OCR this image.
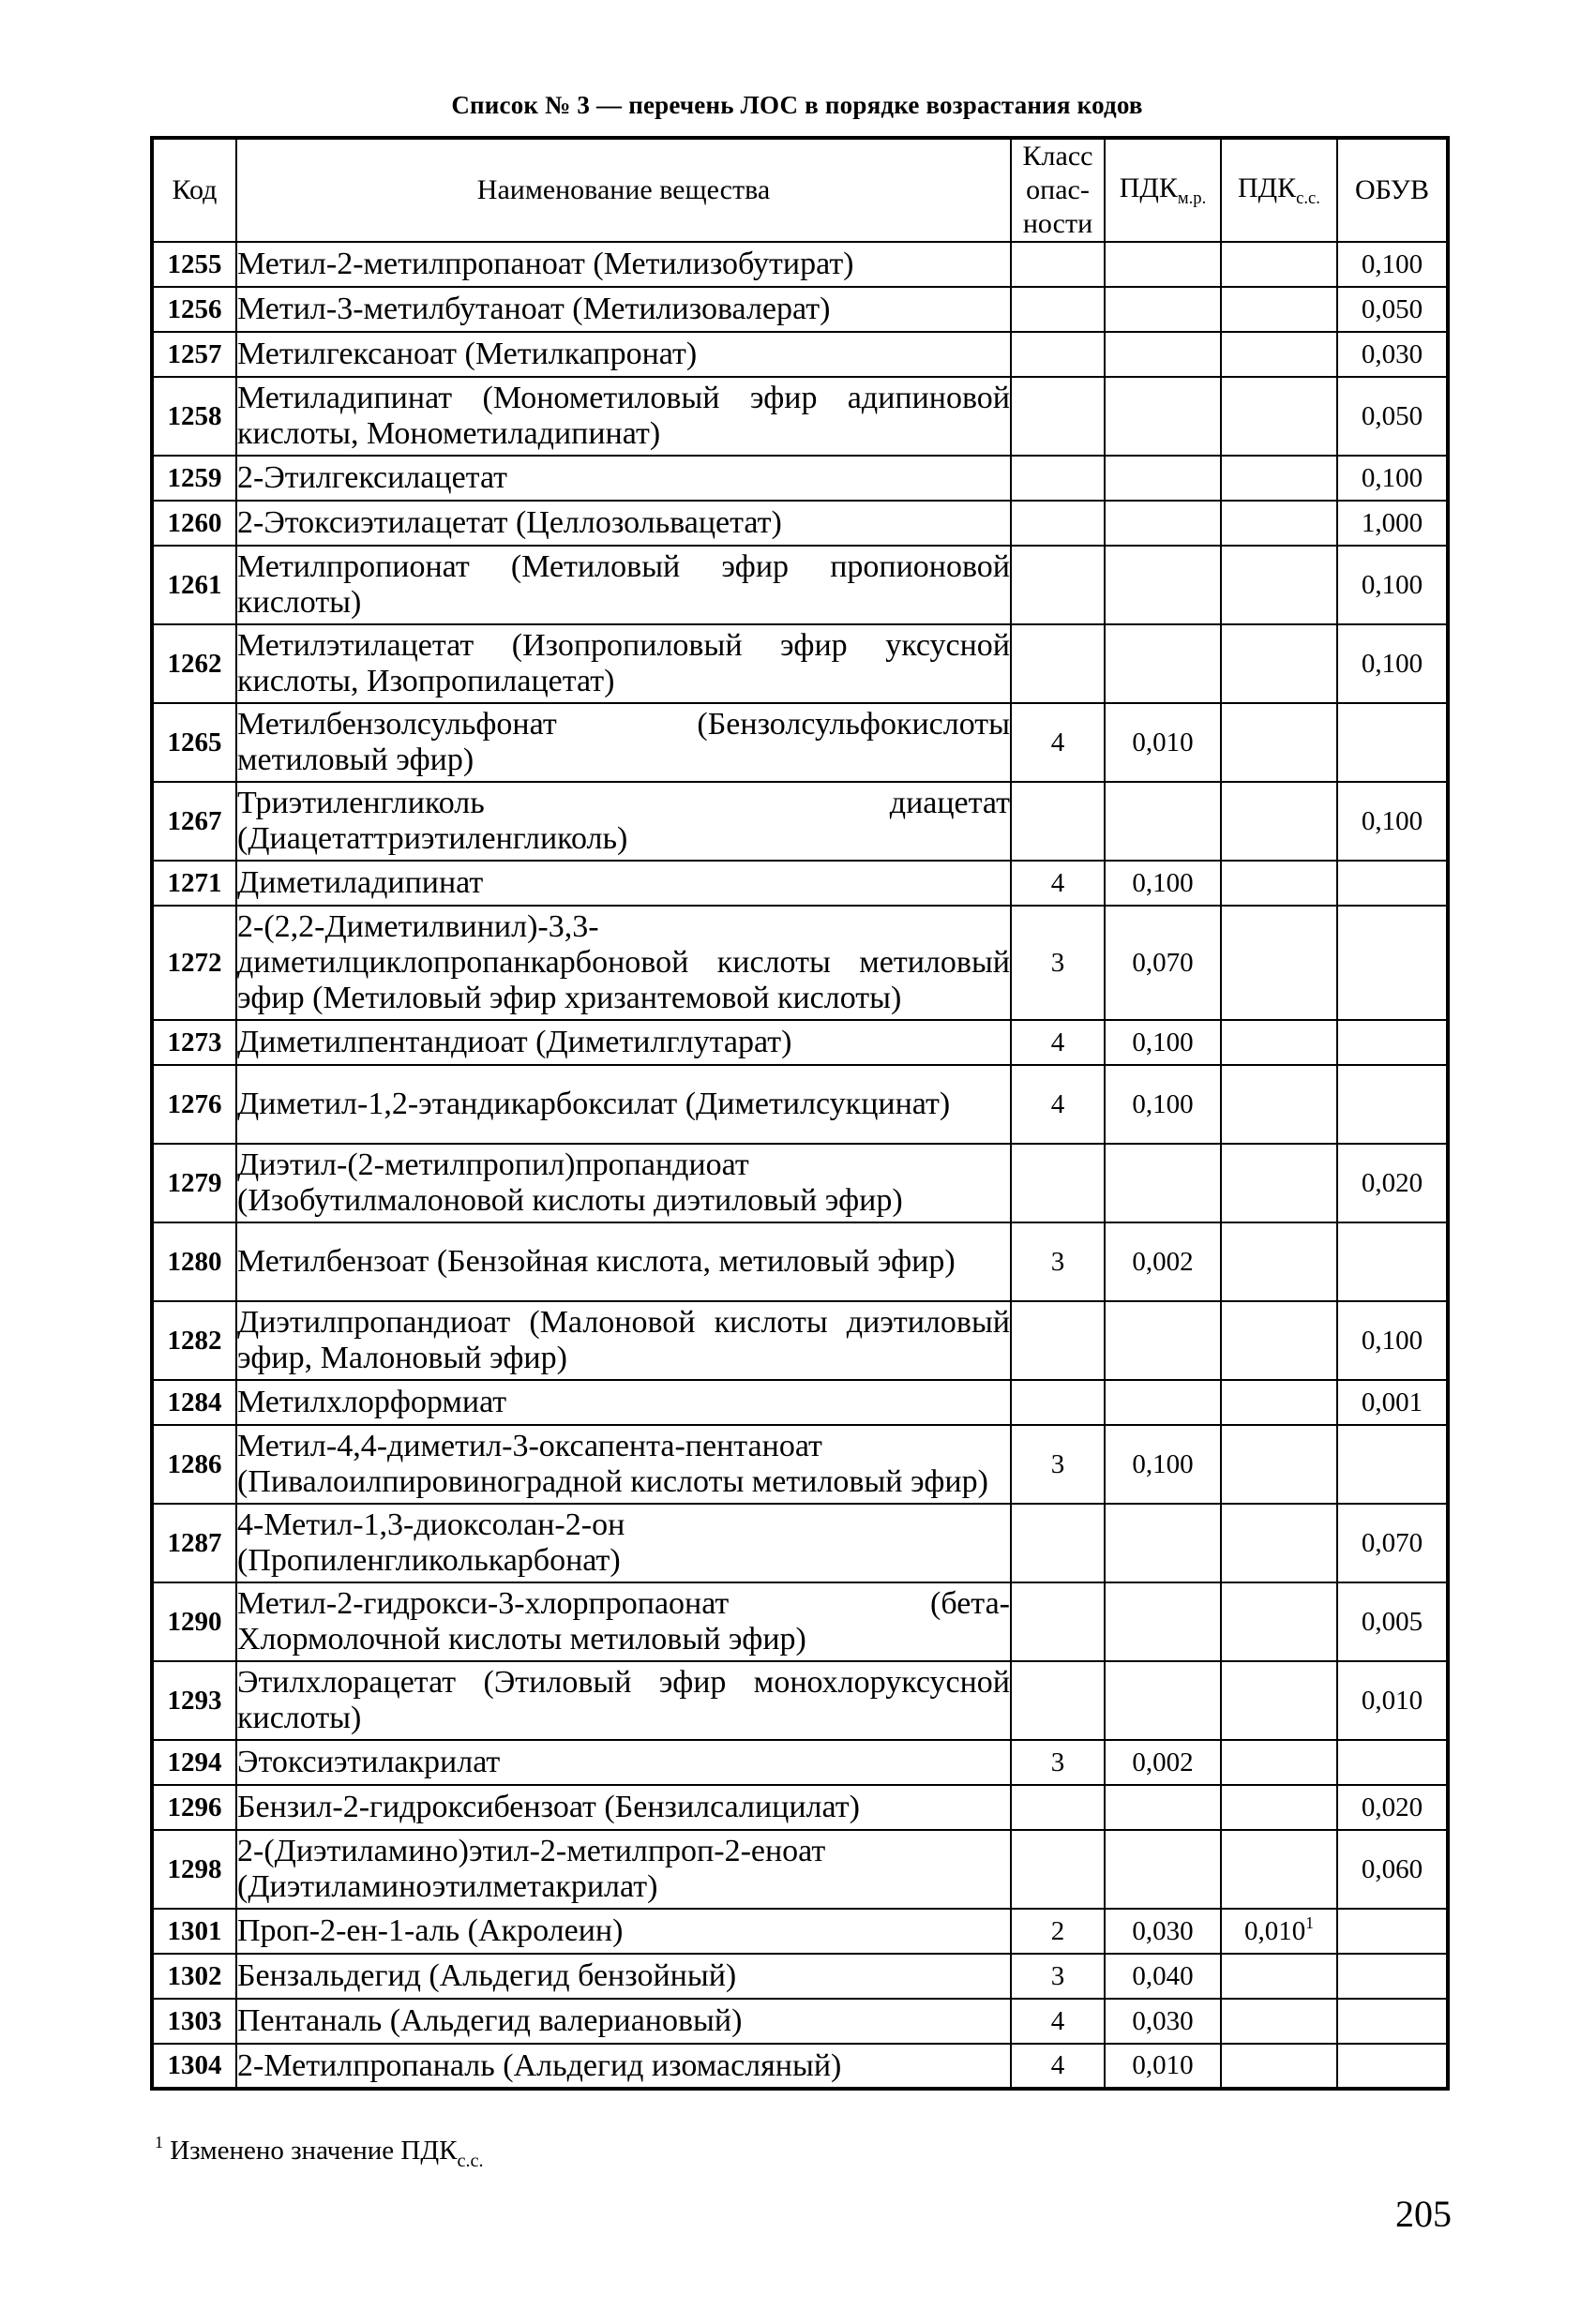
Список № 3 — перечень ЛОС в порядке возрастания кодов
Код	Наименование вещества	Класс
опас-
ности	$ПДК_{м.р.}$	$ПДК_{с.с.}$	ОБУВ
1255	Метил-2-метилпропаноат (Метилизобутират)				0,100
1256	Метил-3-метилбутаноат (Метилизовалерат)				0,050
1257	Метилгексаноат (Метилкапронат)				0,030
1258	Метиладипинат (Монометиловый эфир адипиновой кислоты, Монометиладипинат)				0,050
1259	2-Этилгексилацетат				0,100
1260	2-Этоксиэтилацетат (Целлозольвацетат)				1,000
1261	Метилпропионат (Метиловый эфир пропионовой кислоты)				0,100
1262	Метилэтилацетат (Изопропиловый эфир уксусной кислоты, Изопропилацетат)				0,100
1265	Метилбензолсульфонат (Бензолсульфокислоты метиловый эфир)	4	0,010		
1267	Триэтиленгликоль диацетат (Диацетаттриэтиленгликоль)				0,100
1271	Диметиладипинат	4	0,100		
1272	2-(2,2-Диметилвинил)-3,3-диметилциклопропанкарбоновой кислоты метиловый эфир (Метиловый эфир хризантемовой кислоты)	3	0,070		
1273	Диметилпентандиоат (Диметилглутарат)	4	0,100		
1276	Диметил-1,2-этандикарбоксилат (Диметилсукцинат)	4	0,100		
1279	Диэтил-(2-метилпропил)пропандиоат (Изобутилмалоновой кислоты диэтиловый эфир)				0,020
1280	Метилбензоат (Бензойная кислота, метиловый эфир)	3	0,002		
1282	Диэтилпропандиоат (Малоновой кислоты диэтиловый эфир, Малоновый эфир)				0,100
1284	Метилхлорформиат				0,001
1286	Метил-4,4-диметил-3-оксапента-пентаноат (Пивалоилпировиноградной кислоты метиловый эфир)	3	0,100		
1287	4-Метил-1,3-диоксолан-2-он (Пропиленгликолькарбонат)				0,070
1290	Метил-2-гидрокси-3-хлорпропаонат (бета-Хлормолочной кислоты метиловый эфир)				0,005
1293	Этилхлорацетат (Этиловый эфир монохлоруксусной кислоты)				0,010
1294	Этоксиэтилакрилат	3	0,002		
1296	Бензил-2-гидроксибензоат (Бензилсалицилат)				0,020
1298	2-(Диэтиламино)этил-2-метилпроп-2-еноат (Диэтиламиноэтилметакрилат)				0,060
1301	Проп-2-ен-1-аль (Акролеин)	2	0,030	0,010$^1$	
1302	Бензальдегид (Альдегид бензойный)	3	0,040		
1303	Пентаналь (Альдегид валериановый)	4	0,030		
1304	2-Метилпропаналь (Альдегид изомасляный)	4	0,010		
$^1$ Изменено значение $ПДК_{с.с.}$
205
